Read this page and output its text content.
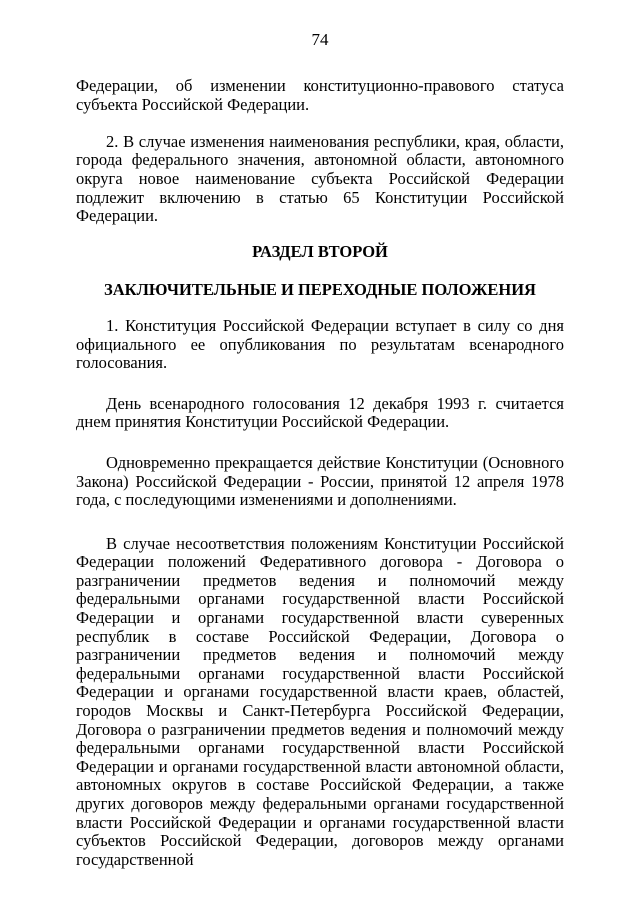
74

Федерации, об изменении конституционно-правового статуса субъекта Российской Федерации.

2. В случае изменения наименования республики, края, области, города федерального значения, автономной области, автономного округа новое наименование субъекта Российской Федерации подлежит включению в статью 65 Конституции Российской Федерации.

РАЗДЕЛ ВТОРОЙ

ЗАКЛЮЧИТЕЛЬНЫЕ И ПЕРЕХОДНЫЕ ПОЛОЖЕНИЯ

1. Конституция Российской Федерации вступает в силу со дня официального ее опубликования по результатам всенародного голосования.

День всенародного голосования 12 декабря 1993 г. считается днем принятия Конституции Российской Федерации.

Одновременно прекращается действие Конституции (Основного Закона) Российской Федерации - России, принятой 12 апреля 1978 года, с последующими изменениями и дополнениями.

В случае несоответствия положениям Конституции Российской Федерации положений Федеративного договора - Договора о разграничении предметов ведения и полномочий между федеральными органами государственной власти Российской Федерации и органами государственной власти суверенных республик в составе Российской Федерации, Договора о разграничении предметов ведения и полномочий между федеральными органами государственной власти Российской Федерации и органами государственной власти краев, областей, городов Москвы и Санкт-Петербурга Российской Федерации, Договора о разграничении предметов ведения и полномочий между федеральными органами государственной власти Российской Федерации и органами государственной власти автономной области, автономных округов в составе Российской Федерации, а также других договоров между федеральными органами государственной власти Российской Федерации и органами государственной власти субъектов Российской Федерации, договоров между органами государственной
